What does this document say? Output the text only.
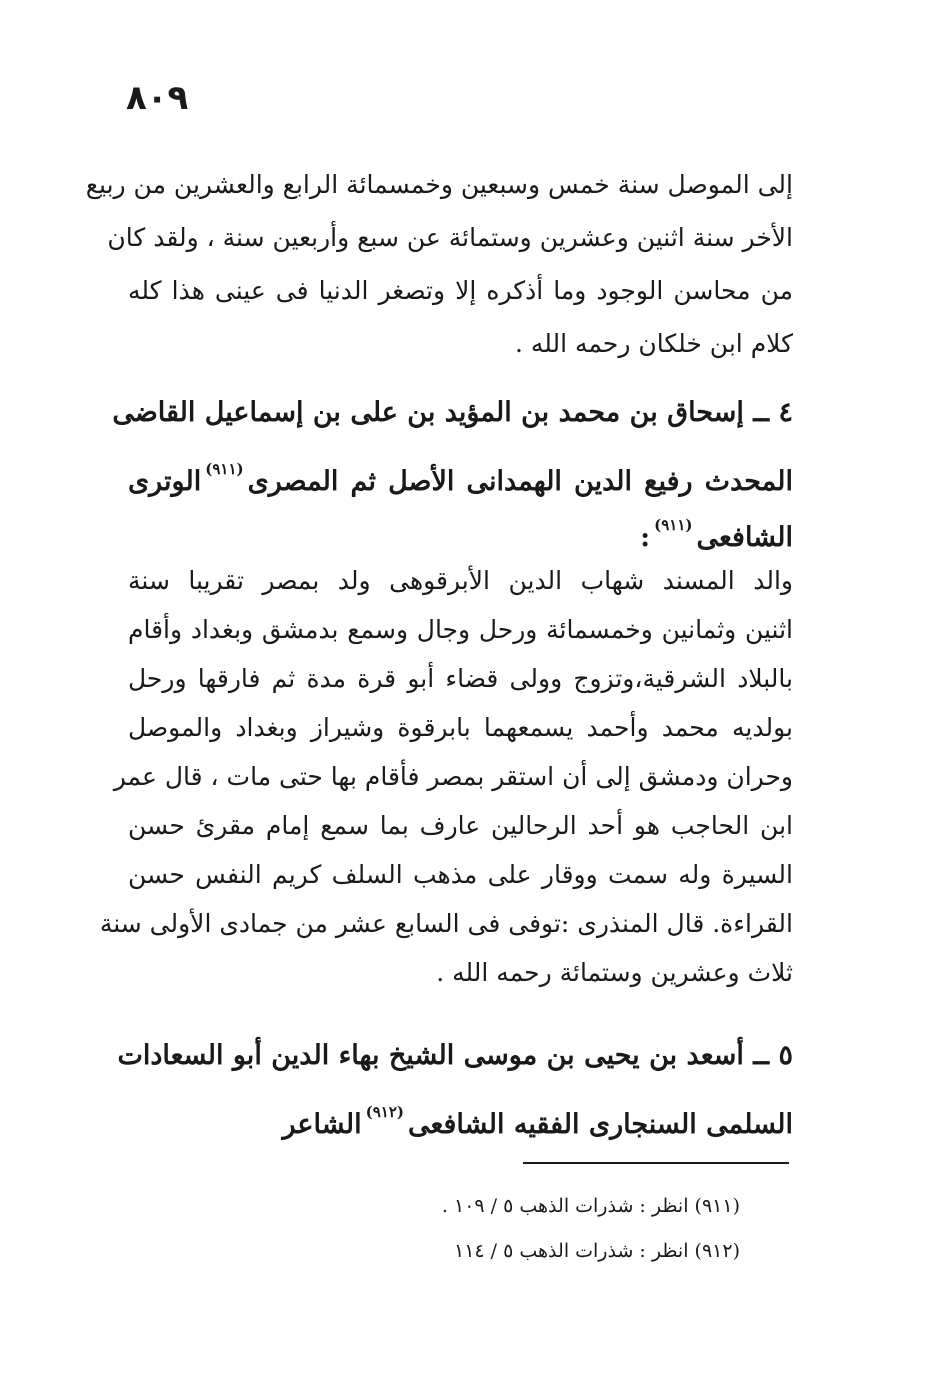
٨٠٩
إلى الموصل سنة خمس وسبعين وخمسمائة الرابع والعشرين من ربيع
الأخر سنة اثنين وعشرين وستمائة عن سبع وأربعين سنة ، ولقد كان
من محاسن الوجود وما أذكره إلا وتصغر الدنيا فى عينى هذا كله
كلام ابن خلكان رحمه الله .
٤ ــ إسحاق بن محمد بن المؤيد بن على بن إسماعيل القاضى
المحدث رفيع الدين الهمدانى الأصل ثم المصرى$^{(٩١١)}$الوترى
الشافعى$^{(٩١١)}$:
والد المسند شهاب الدين الأبرقوهى ولد بمصر تقريبا سنة
اثنين وثمانين وخمسمائة ورحل وجال وسمع بدمشق وبغداد وأقام
بالبلاد الشرقية،وتزوج وولى قضاء أبو قرة مدة ثم فارقها ورحل
بولديه محمد وأحمد يسمعهما بابرقوة وشيراز وبغداد والموصل
وحران ودمشق إلى أن استقر بمصر فأقام بها حتى مات ، قال عمر
ابن الحاجب هو أحد الرحالين عارف بما سمع إمام مقرئ حسن
السيرة وله سمت ووقار على مذهب السلف كريم النفس حسن
القراءة. قال المنذرى :توفى فى السابع عشر من جمادى الأولى سنة
ثلاث وعشرين وستمائة رحمه الله .
٥ ــ أسعد بن يحيى بن موسى الشيخ بهاء الدين أبو السعادات
السلمى السنجارى الفقيه الشافعى$^{(٩١٢)}$الشاعر
(٩١١) انظر : شذرات الذهب ٥ / ١٠٩ .
(٩١٢) انظر : شذرات الذهب ٥ / ١١٤
